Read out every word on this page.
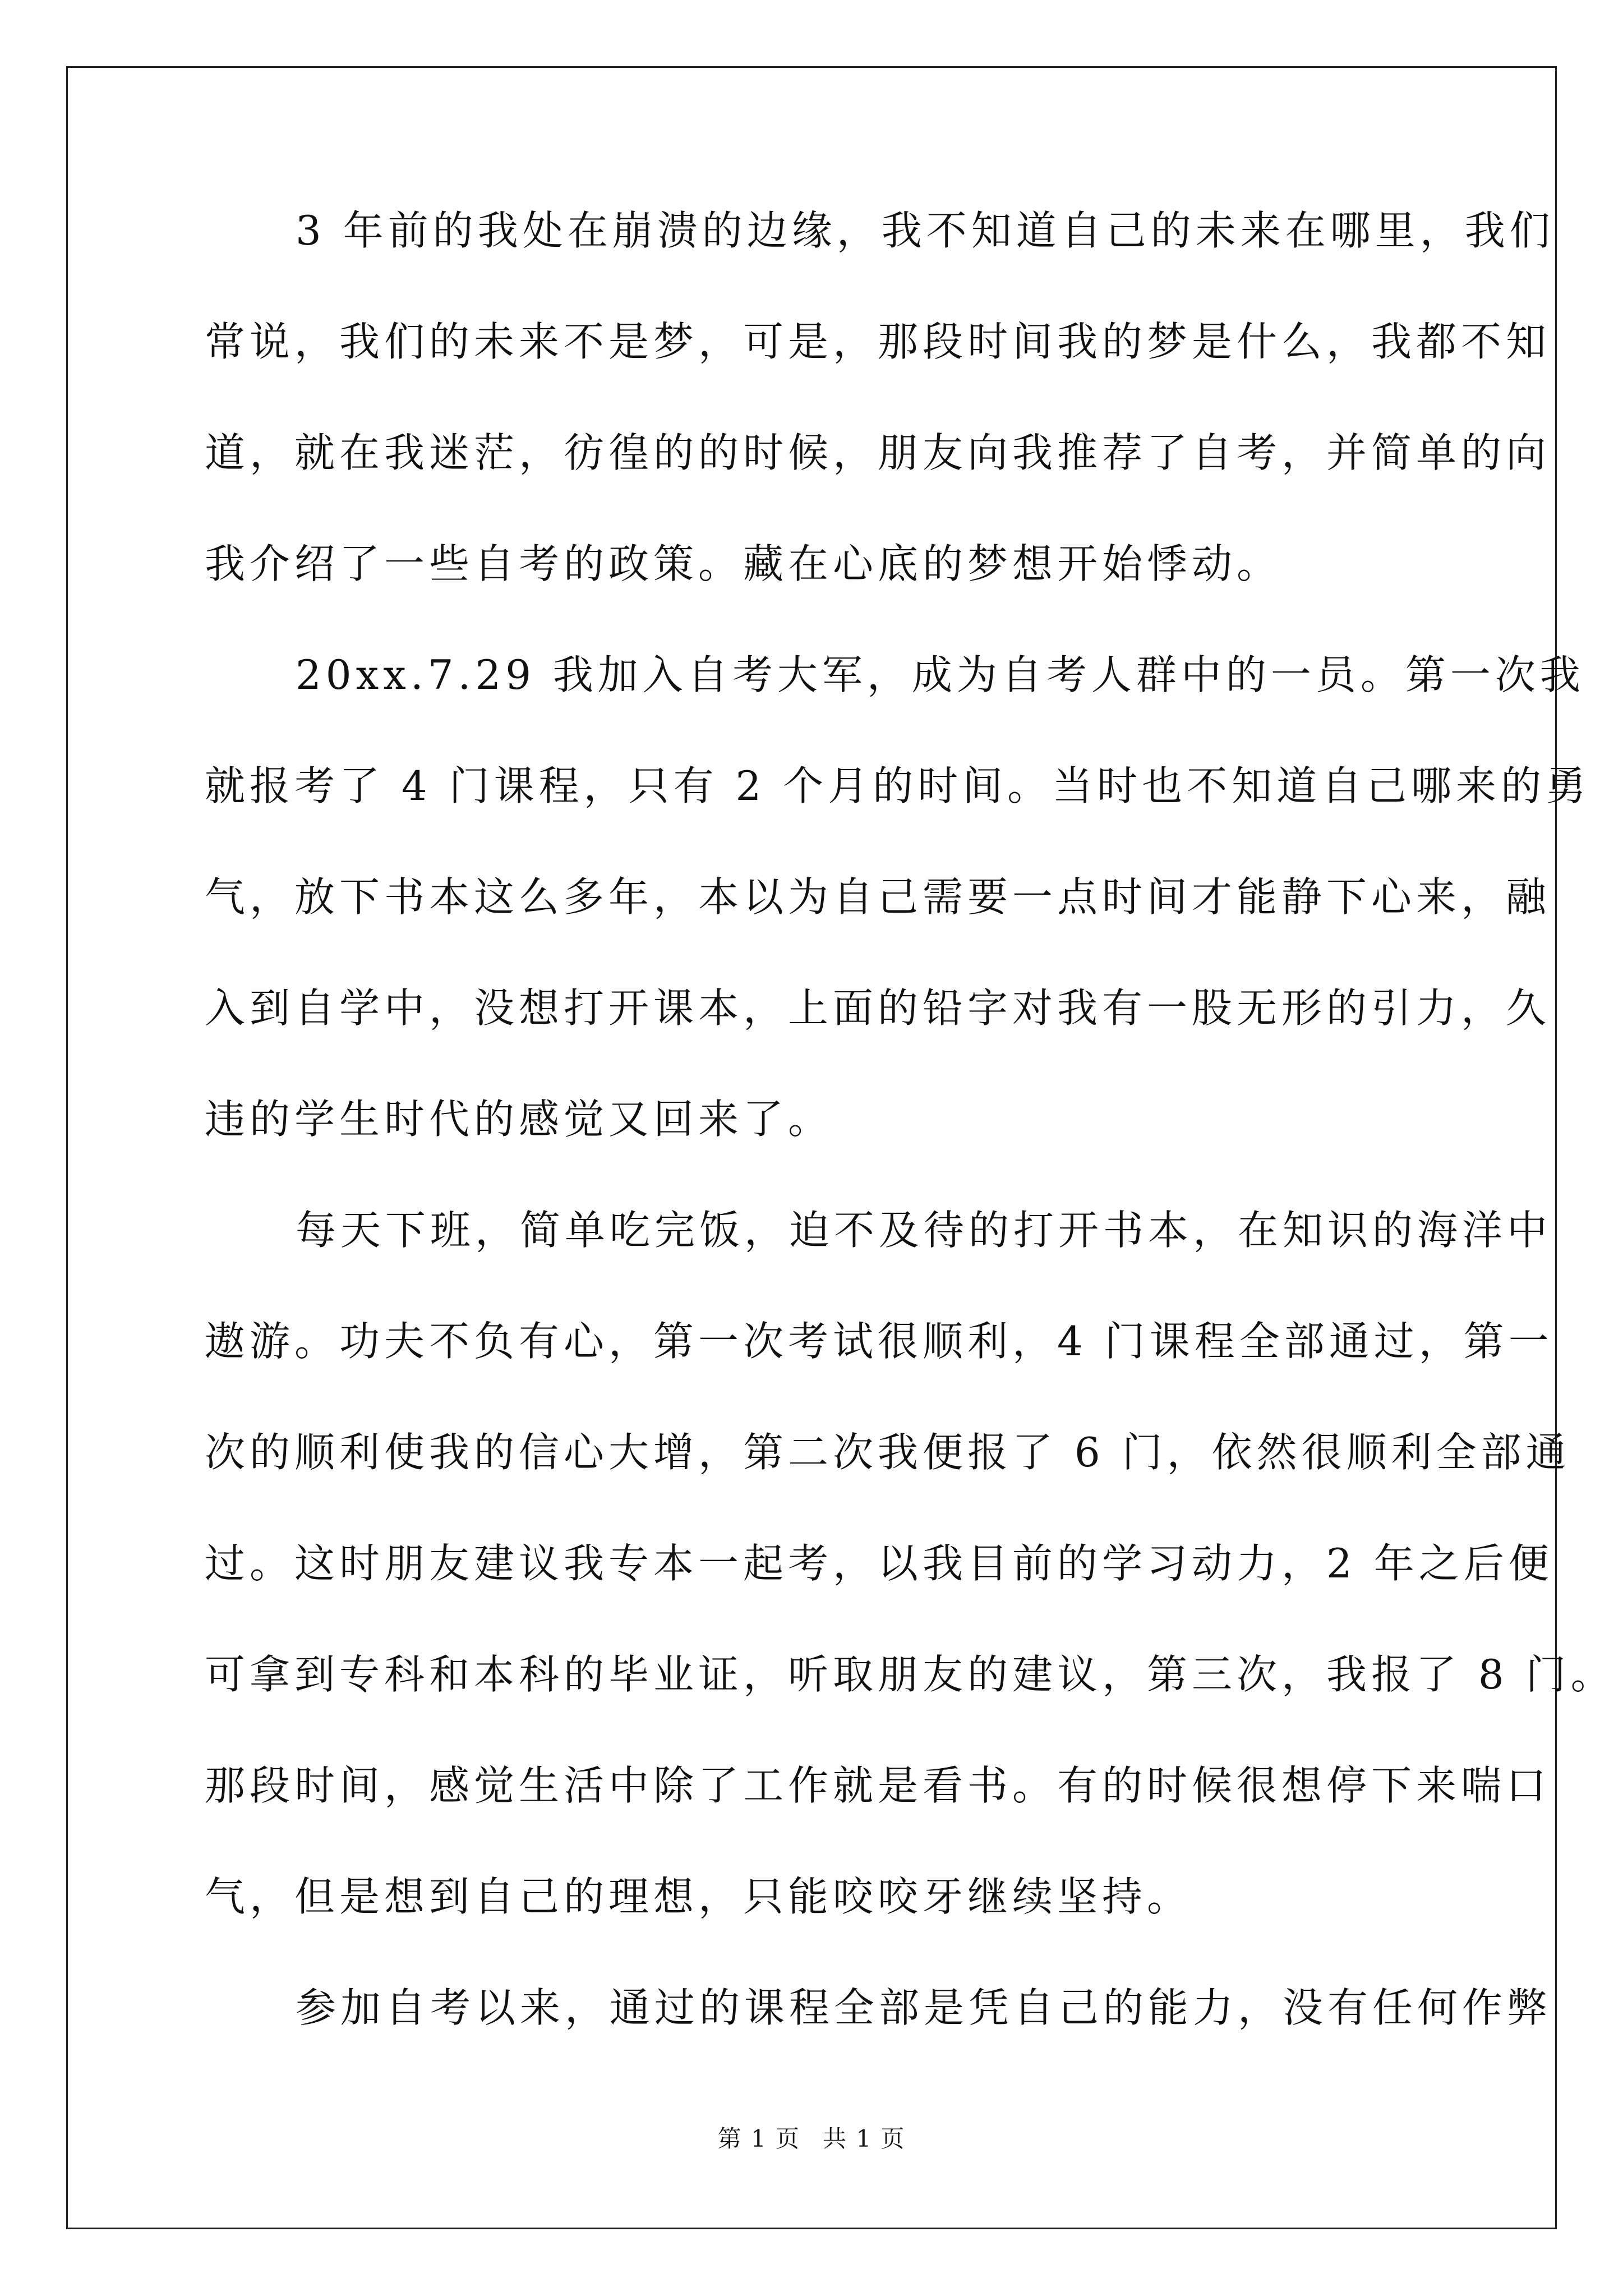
3 年前的我处在崩溃的边缘，我不知道自己的未来在哪里，我们
常说，我们的未来不是梦，可是，那段时间我的梦是什么，我都不知
道，就在我迷茫，彷徨的的时候，朋友向我推荐了自考，并简单的向
我介绍了一些自考的政策。藏在心底的梦想开始悸动。
20xx.7.29 我加入自考大军，成为自考人群中的一员。第一次我
就报考了 4 门课程，只有 2 个月的时间。当时也不知道自己哪来的勇
气，放下书本这么多年，本以为自己需要一点时间才能静下心来，融
入到自学中，没想打开课本，上面的铅字对我有一股无形的引力，久
违的学生时代的感觉又回来了。
每天下班，简单吃完饭，迫不及待的打开书本，在知识的海洋中
遨游。功夫不负有心，第一次考试很顺利，4 门课程全部通过，第一
次的顺利使我的信心大增，第二次我便报了 6 门，依然很顺利全部通
过。这时朋友建议我专本一起考，以我目前的学习动力，2 年之后便
可拿到专科和本科的毕业证，听取朋友的建议，第三次，我报了 8 门。
那段时间，感觉生活中除了工作就是看书。有的时候很想停下来喘口
气，但是想到自己的理想，只能咬咬牙继续坚持。
参加自考以来，通过的课程全部是凭自己的能力，没有任何作弊
第 1 页 共 1 页
